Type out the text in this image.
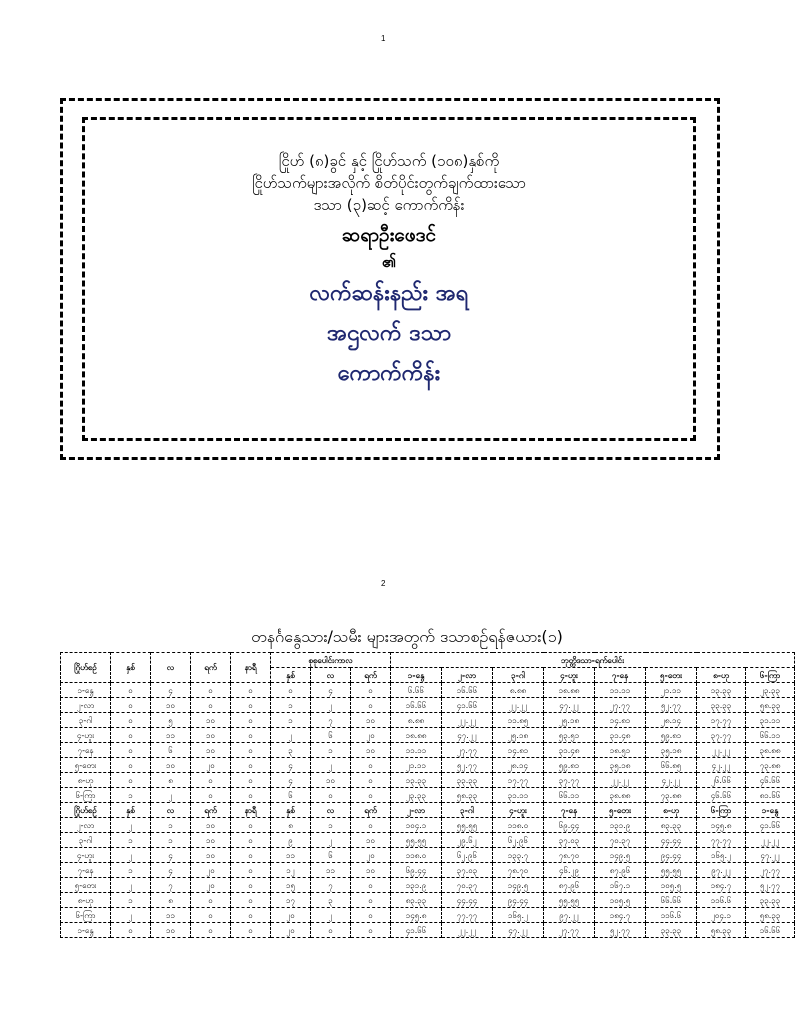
1
ငြိုဟ် (၈)ခွင် နှင့် ငြိုဟ်သက် (၁၀၈)နှစ်ကို
ငြိုဟ်သက်များအလိုက် စိတ်ပိုင်းတွက်ချက်ထားသော
ဒသာ (၃)ဆင့် ကောက်ကိန်း
ဆရာဦးဖေဒင်
၏
လက်ဆန်းနည်း အရ
အဌလက် ဒသာ
ကောက်ကိန်း
2
တနင်္ဂနွေသား/သမီး များအတွက် ဒသာစဉ်ရန်ဇယား(၁)
ဂြိုဟ်စဉ်	နှစ်	လ	ရက်	နာရီ	စုစုပေါင်းကာလ			ဘုတ္တိဒသာ-ရက်ပေါင်း							
					နှစ်	လ	ရက်	၁-နွေ	၂-လာ	၃-ဂါ	၄-ဟူး	၇-နေ	၅-တေး	၈-ဟု	၆-ကြာ
၁-နွေ	၀	၄	၀	၀	၀	၄	၀	၆.၆၆	၁၆.၆၆	၈.၈၈	၁၈.၈၈	၁၁.၁၁	၂၁.၁၁	၁၃.၃၃	၂၃.၃၃
၂-လာ	၀	၁၀	၀	၀	၁	၂	၀	၁၆.၆၆	၄၁.၆၆	၂၂.၂၂	၄၇.၂၂	၂၇.၇၇	၅၂.၇၇	၃၃.၃၃	၅၈.၃၃
၃-ဂါ	၀	၅	၁၀	၀	၁	၇	၁၀	၈.၈၈	၂၂.၂၂	၁၁.၈၅	၂၅.၁၈	၁၄.၈၁	၂၈.၁၄	၁၇.၇၇	၃၁.၁၁
၄-ဟူး	၀	၁၁	၁၀	၀	၂	၆	၂၀	၁၈.၈၈	၄၇.၂၂	၂၅.၁၈	၅၃.၅၁	၃၁.၄၈	၅၉.၈၁	၃၇.၇၇	၆၆.၁၁
၇-နေ	၀	၆	၁၀	၀	၃	၁	၁၀	၁၁.၁၁	၂၇.၇၇	၁၄.၈၁	၃၁.၄၈	၁၈.၅၁	၃၅.၁၈	၂၂.၂၂	၃၈.၈၈
၅-တေး	၀	၁၀	၂၀	၀	၄	၂	၀	၂၁.၁၁	၅၂.၇၇	၂၈.၁၄	၅၉.၈၁	၃၅.၁၈	၆၆.၈၅	၄၂.၂၂	၇၃.၈၈
၈-ဟု	၀	၈	၀	၀	၄	၁၀	၀	၁၃.၃၃	၃၃.၃၃	၁၇.၇၇	၃၇.၇၇	၂၂.၂၂	၄၂.၂၂	၂၆.၆၆	၄၆.၆၆
၆-ကြာ	၁	၂	၀	၀	၆	၀	၀	၂၃.၃၃	၅၈.၃၃	၃၁.၁၁	၆၆.၁၁	၃၈.၈၈	၇၃.၈၈	၄၆.၆၆	၈၁.၆၆
ဂြိုဟ်စဉ်	နှစ်	လ	ရက်	နာရီ	နှစ်	လ	ရက်	၂-လာ	၃-ဂါ	၄-ဟူး	၇-နေ	၅-တေး	၈-ဟု	၆-ကြာ	၁-နွေ
၂-လာ	၂	၁	၁၀	၀	၈	၁	၀	၁၀၄.၁	၅၅.၅၅	၁၁၈.၀	၆၉.၄၄	၁၃၁.၉	၈၃.၃၃	၁၄၅.၈	၄၁.၆၆
၃-ဂါ	၁	၁	၁၀	၀	၉	၂	၁၀	၅၅.၅၅	၂၉.၆၂	၆၂.၉၆	၃၇.၀၃	၇၀.၃၇	၄၄.၄၄	၇၇.၇၇	၂၂.၂၂
၄-ဟူး	၂	၄	၁၀	၀	၁၁	၆	၂၀	၁၁၈.၀	၆၂.၉၆	၁၃၃.၇	၇၈.၇၀	၁၄၉.၅	၉၄.၄၄	၁၆၅.၂	၄၇.၂၂
၇-နေ	၁	၄	၂၀	၀	၁၂	၁၁	၁၀	၆၉.၄၄	၃၇.၀၃	၇၈.၇၀	၄၆.၂၉	၈၇.၉၆	၅၅.၅၅	၉၇.၂၂	၂၇.၇၇
၅-တေး	၂	၇	၂၀	၀	၁၅	၇	၀	၁၃၁.၉	၇၀.၃၇	၁၄၉.၅	၈၇.၉၆	၁၆၇.၁	၁၀၅.၅	၁၈၄.၇	၅၂.၇၇
၈-ဟု	၁	၈	၀	၀	၁၇	၃	၀	၈၃.၃၃	၄၄.၄၄	၉၄.၄၄	၅၅.၅၅	၁၀၅.၅	၆၆.၆၆	၁၁၆.၆	၃၃.၃၃
၆-ကြာ	၂	၁၁	၀	၀	၂၀	၂	၀	၁၄၅.၈	၇၇.၇၇	၁၆၅.၂	၉၇.၂၂	၁၈၄.၇	၁၁၆.၆	၂၀၄.၁	၅၈.၃၃
၁-နွေ	၀	၁၀	၀	၀	၂၀	၀	၀	၄၁.၆၆	၂၂.၂၂	၄၇.၂၂	၂၇.၇၇	၅၂.၇၇	၃၃.၃၃	၅၈.၃၃	၁၆.၆၆
